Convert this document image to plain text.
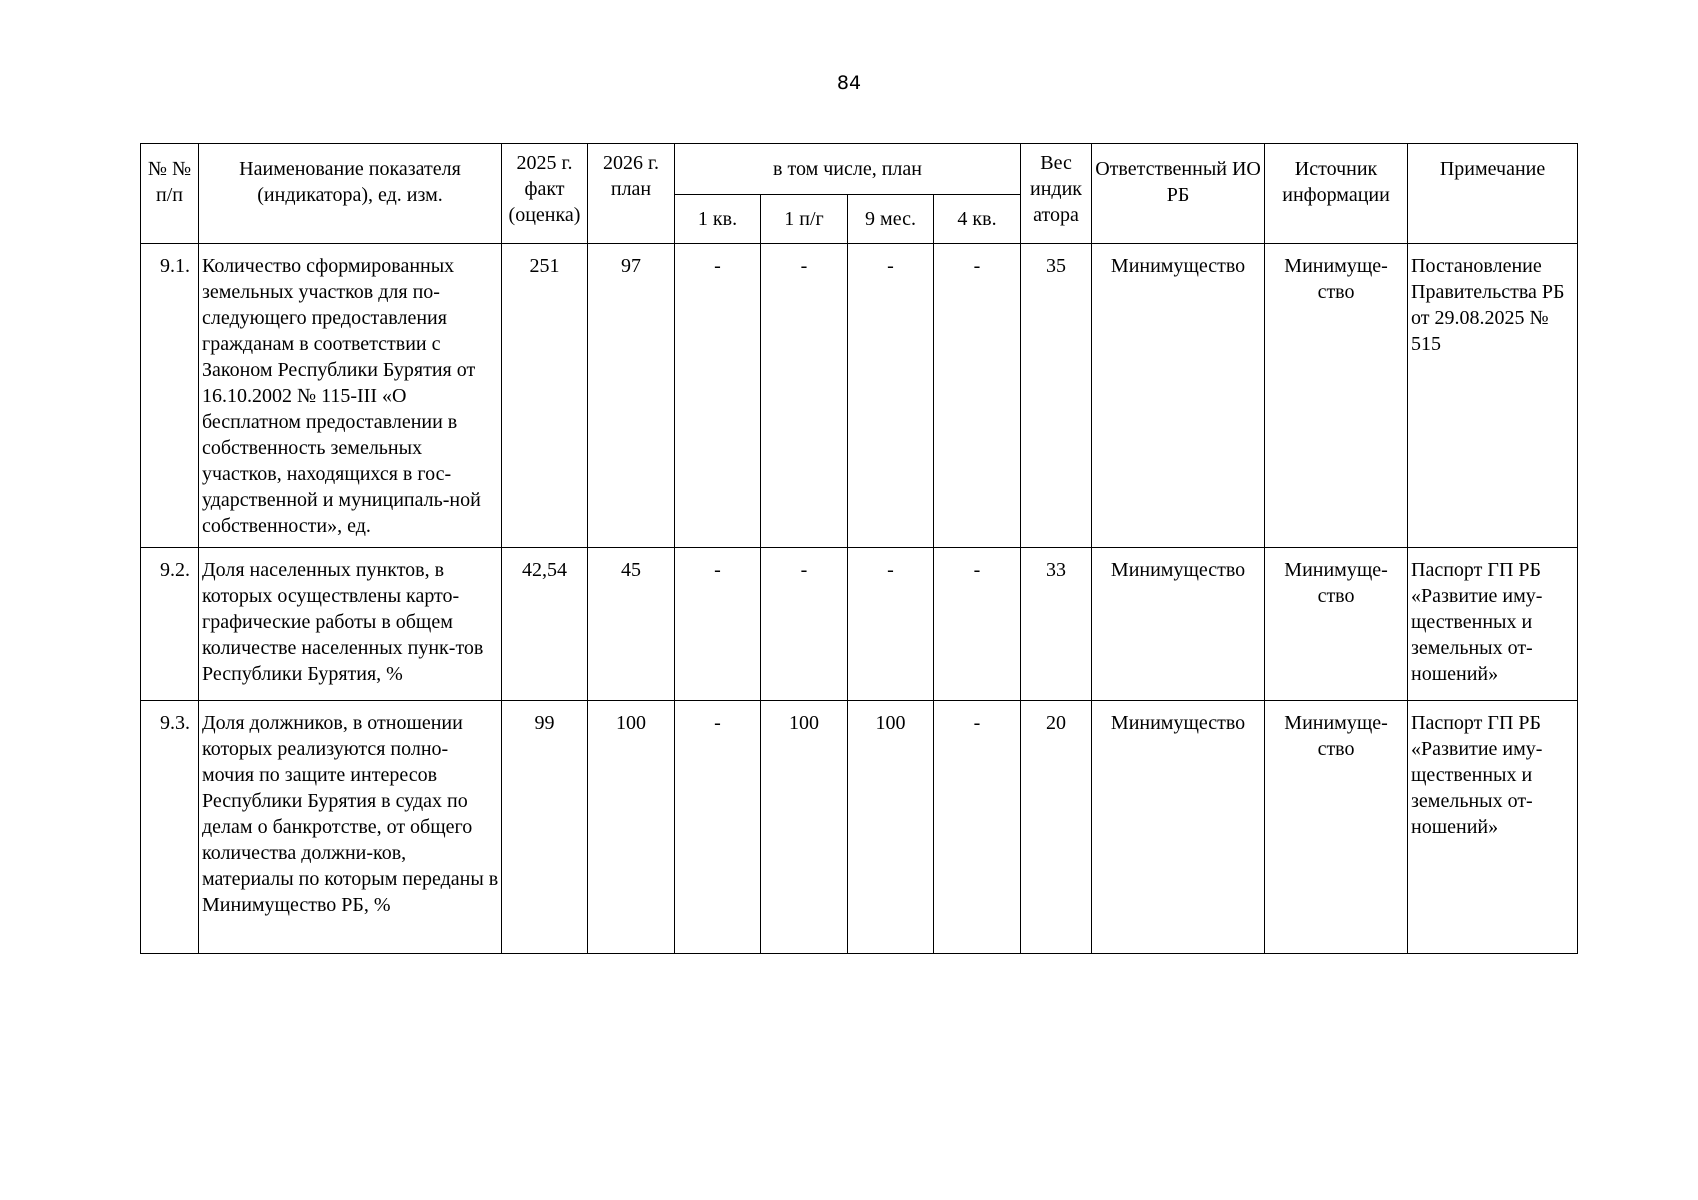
84
№ № п/п	Наименование показателя (индикатора), ед. изм.	2025 г. факт (оценка)	2026 г. план	в том числе, план				Вес индик атора	Ответственный ИО РБ	Источник информации	Примечание
				1 кв.	1 п/г	9 мес.	4 кв.				
9.1.	Количество сформированных земельных участков для по-следующего предоставления гражданам в соответствии с Законом Республики Бурятия от 16.10.2002 № 115-III «О бесплатном предоставлении в собственность земельных участков, находящихся в гос-ударственной и муниципаль-ной собственности», ед.	251	97	-	-	-	-	35	Минимущество	Минимуще-ство	Постановление Правительства РБ от 29.08.2025 № 515
9.2.	Доля населенных пунктов, в которых осуществлены карто-графические работы в общем количестве населенных пунк-тов Республики Бурятия, %	42,54	45	-	-	-	-	33	Минимущество	Минимуще-ство	Паспорт ГП РБ «Развитие иму-щественных и земельных от-ношений»
9.3.	Доля должников, в отношении которых реализуются полно-мочия по защите интересов Республики Бурятия в судах по делам о банкротстве, от общего количества должни-ков, материалы по которым переданы в Минимущество РБ, %	99	100	-	100	100	-	20	Минимущество	Минимуще-ство	Паспорт ГП РБ «Развитие иму-щественных и земельных от-ношений»
